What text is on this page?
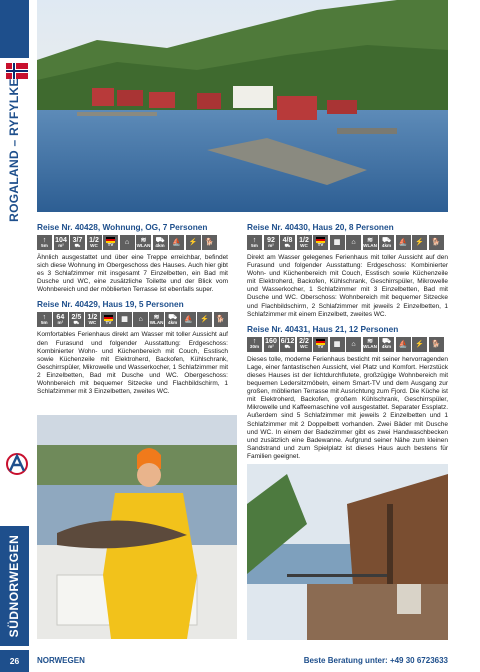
ROGALAND – RYFYLKE
SÜDNORWEGEN
Reise Nr. 40428, Wohnung, OG, 7 Personen
↑
5m
104
m²
3/7
⛟
1/2
WC TV ⌂ ≋
WLAN
⛟
4km ⛵ ⚡ 🐕

Ähnlich ausgestattet und über eine Treppe erreichbar, befindet sich diese Wohnung im Obergeschoss des Hauses. Auch hier gibt es 3 Schlafzimmer mit insgesamt 7 Einzelbetten, ein Bad mit Dusche und WC, eine zusätzliche Toilette und der Blick vom Wohnbereich und der möblierten Terrasse ist ebenfalls super.

Reise Nr. 40429, Haus 19, 5 Personen
↑
5m
64
m²
2/5
⛟
1/2
WC TV ▦ ⌂ ≋
WLAN
⛟
4km ⛵ ⚡ 🐕

Komfortables Ferienhaus direkt am Wasser mit toller Aussicht auf den Furasund und folgender Ausstattung: Erdgeschoss: Kombinierter Wohn- und Küchenbereich mit Couch, Esstisch sowie Küchenzeile mit Elektroherd, Backofen, Kühlschrank, Geschirrspüler, Mikrowelle und Wasserkocher, 1 Schlafzimmer mit 2 Einzelbetten, Bad mit Dusche und WC. Obergeschoss: Wohnbereich mit bequemer Sitzecke und Flachbildschirm, 1 Schlafzimmer mit 3 Einzelbetten, zweites WC.

Reise Nr. 40430, Haus 20, 8 Personen
↑
5m
92
m²
4/8
⛟
1/2
WC TV ▦ ⌂ ≋
WLAN
⛟
4km ⛵ ⚡ 🐕

Direkt am Wasser gelegenes Ferienhaus mit toller Aussicht auf den Furasund und folgender Ausstattung: Erdgeschoss: Kombinierter Wohn- und Küchenbereich mit Couch, Esstisch sowie Küchenzeile mit Elektroherd, Backofen, Kühlschrank, Geschirrspüler, Mikrowelle und Wasserkocher, 1 Schlafzimmer mit 3 Einzelbetten, Bad mit Dusche und WC. Oberschoss: Wohnbereich mit bequemer Sitzecke und Flachbildschirm, 2 Schlafzimmer mit jeweils 2 Einzelbetten, 1 Schlafzimmer mit einem Einzelbett, zweites WC.

Reise Nr. 40431, Haus 21, 12 Personen
↑
30m
160
m²
6/12
⛟
2/2
WC TV ▦ ⌂ ≋
WLAN
⛟
4km ⛵ ⚡ 🐕

Dieses tolle, moderne Ferienhaus besticht mit seiner hervorragenden Lage, einer fantastischen Aussicht, viel Platz und Komfort. Herzstück dieses Hauses ist der lichtdurchflutete, großzügige Wohnbereich mit bequemen Ledersitzmöbeln, einem Smart-TV und dem Ausgang zur großen, möblierten Terrasse mit Ausrichtung zum Fjord. Die Küche ist mit Elektroherd, Backofen, großem Kühlschrank, Geschirrspüler, Mikrowelle und Kaffeemaschine voll ausgestattet. Separater Essplatz. Außerdem sind 5 Schlafzimmer mit jeweils 2 Einzelbetten und 1 Schlafzimmer mit 2 Doppelbett vorhanden. Zwei Bäder mit Dusche und WC. In einem der Badezimmer gibt es zwei Handwaschbecken und zusätzlich eine Badewanne. Aufgrund seiner Nähe zum kleinen Sandstrand und zum Spielplatz ist dieses Haus auch bestens für Familien geeignet.

26	NORWEGEN	Beste Beratung unter: +49 30 6723633
